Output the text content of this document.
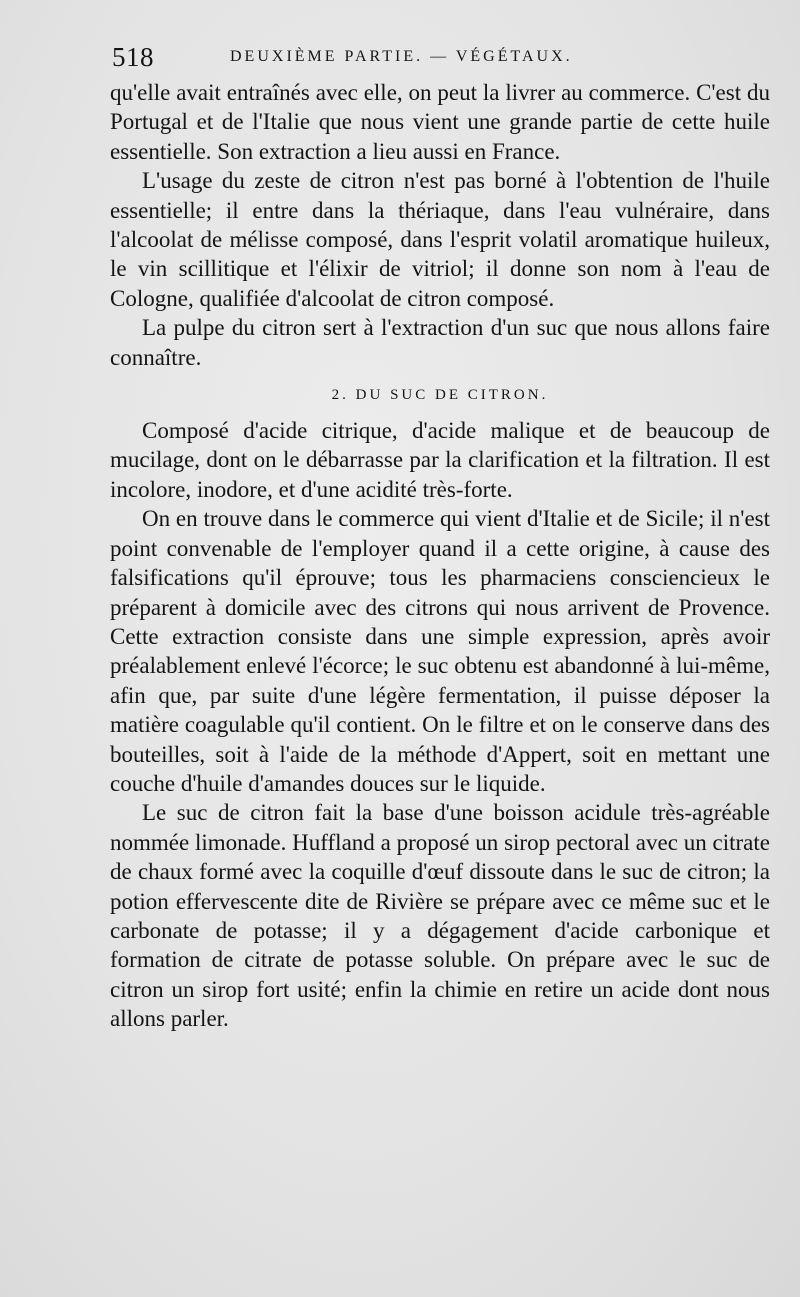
518	DEUXIÈME PARTIE. — VÉGÉTAUX.

qu'elle avait entraînés avec elle, on peut la livrer au commerce. C'est du Portugal et de l'Italie que nous vient une grande partie de cette huile essentielle. Son extraction a lieu aussi en France.

L'usage du zeste de citron n'est pas borné à l'obtention de l'huile essentielle; il entre dans la thériaque, dans l'eau vulnéraire, dans l'alcoolat de mélisse composé, dans l'esprit volatil aromatique huileux, le vin scillitique et l'élixir de vitriol; il donne son nom à l'eau de Cologne, qualifiée d'alcoolat de citron composé.

La pulpe du citron sert à l'extraction d'un suc que nous allons faire connaître.

2. DU SUC DE CITRON.

Composé d'acide citrique, d'acide malique et de beaucoup de mucilage, dont on le débarrasse par la clarification et la filtration. Il est incolore, inodore, et d'une acidité très-forte.

On en trouve dans le commerce qui vient d'Italie et de Sicile; il n'est point convenable de l'employer quand il a cette origine, à cause des falsifications qu'il éprouve; tous les pharmaciens consciencieux le préparent à domicile avec des citrons qui nous arrivent de Provence. Cette extraction consiste dans une simple expression, après avoir préalablement enlevé l'écorce; le suc obtenu est abandonné à lui-même, afin que, par suite d'une légère fermentation, il puisse déposer la matière coagulable qu'il contient. On le filtre et on le conserve dans des bouteilles, soit à l'aide de la méthode d'Appert, soit en mettant une couche d'huile d'amandes douces sur le liquide.

Le suc de citron fait la base d'une boisson acidule très-agréable nommée limonade. Huffland a proposé un sirop pectoral avec un citrate de chaux formé avec la coquille d'œuf dissoute dans le suc de citron; la potion effervescente dite de Rivière se prépare avec ce même suc et le carbonate de potasse; il y a dégagement d'acide carbonique et formation de citrate de potasse soluble. On prépare avec le suc de citron un sirop fort usité; enfin la chimie en retire un acide dont nous allons parler.
